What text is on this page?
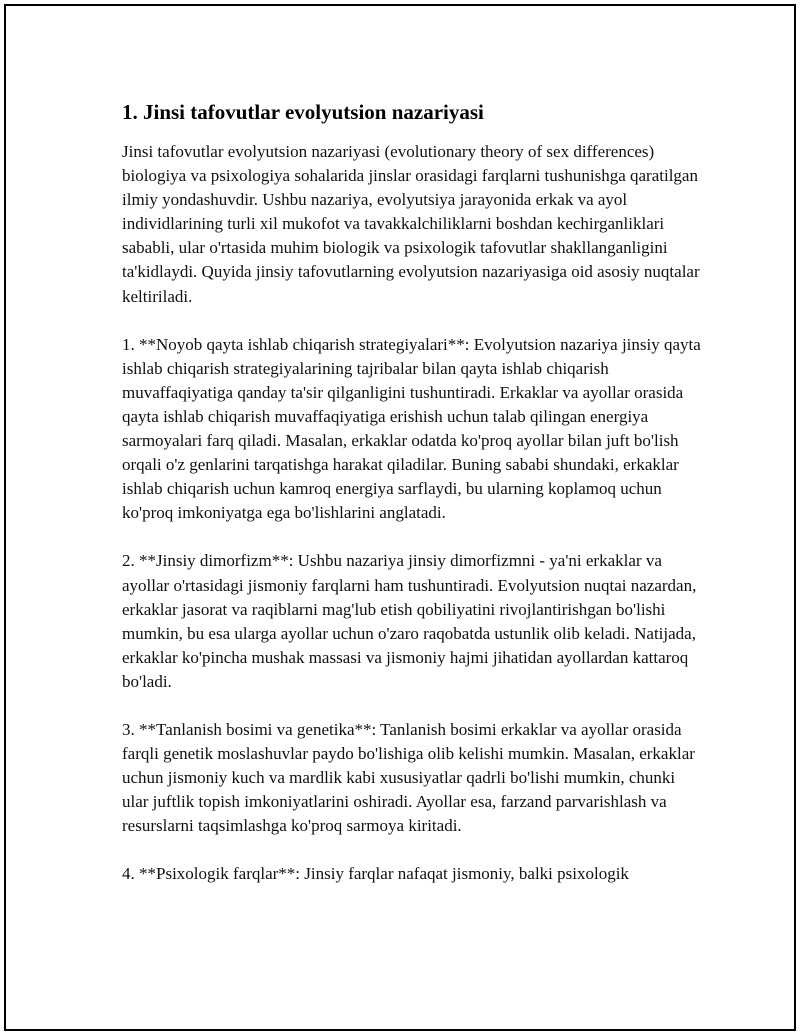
1. Jinsi tafovutlar evolyutsion nazariyasi

Jinsi tafovutlar evolyutsion nazariyasi (evolutionary theory of sex differences) biologiya va psixologiya sohalarida jinslar orasidagi farqlarni tushunishga qaratilgan ilmiy yondashuvdir. Ushbu nazariya, evolyutsiya jarayonida erkak va ayol individlarining turli xil mukofot va tavakkalchiliklarni boshdan kechirganliklari sababli, ular o'rtasida muhim biologik va psixologik tafovutlar shakllanganligini ta'kidlaydi. Quyida jinsiy tafovutlarning evolyutsion nazariyasiga oid asosiy nuqtalar keltiriladi.

1. **Noyob qayta ishlab chiqarish strategiyalari**: Evolyutsion nazariya jinsiy qayta ishlab chiqarish strategiyalarining tajribalar bilan qayta ishlab chiqarish muvaffaqiyatiga qanday ta'sir qilganligini tushuntiradi. Erkaklar va ayollar orasida qayta ishlab chiqarish muvaffaqiyatiga erishish uchun talab qilingan energiya sarmoyalari farq qiladi. Masalan, erkaklar odatda ko'proq ayollar bilan juft bo'lish orqali o'z genlarini tarqatishga harakat qiladilar. Buning sababi shundaki, erkaklar ishlab chiqarish uchun kamroq energiya sarflaydi, bu ularning koplamoq uchun ko'proq imkoniyatga ega bo'lishlarini anglatadi.

2. **Jinsiy dimorfizm**: Ushbu nazariya jinsiy dimorfizmni - ya'ni erkaklar va ayollar o'rtasidagi jismoniy farqlarni ham tushuntiradi. Evolyutsion nuqtai nazardan, erkaklar jasorat va raqiblarni mag'lub etish qobiliyatini rivojlantirishgan bo'lishi mumkin, bu esa ularga ayollar uchun o'zaro raqobatda ustunlik olib keladi. Natijada, erkaklar ko'pincha mushak massasi va jismoniy hajmi jihatidan ayollardan kattaroq bo'ladi.

3. **Tanlanish bosimi va genetika**: Tanlanish bosimi erkaklar va ayollar orasida farqli genetik moslashuvlar paydo bo'lishiga olib kelishi mumkin. Masalan, erkaklar uchun jismoniy kuch va mardlik kabi xususiyatlar qadrli bo'lishi mumkin, chunki ular juftlik topish imkoniyatlarini oshiradi. Ayollar esa, farzand parvarishlash va resurslarni taqsimlashga ko'proq sarmoya kiritadi.

4. **Psixologik farqlar**: Jinsiy farqlar nafaqat jismoniy, balki psixologik
